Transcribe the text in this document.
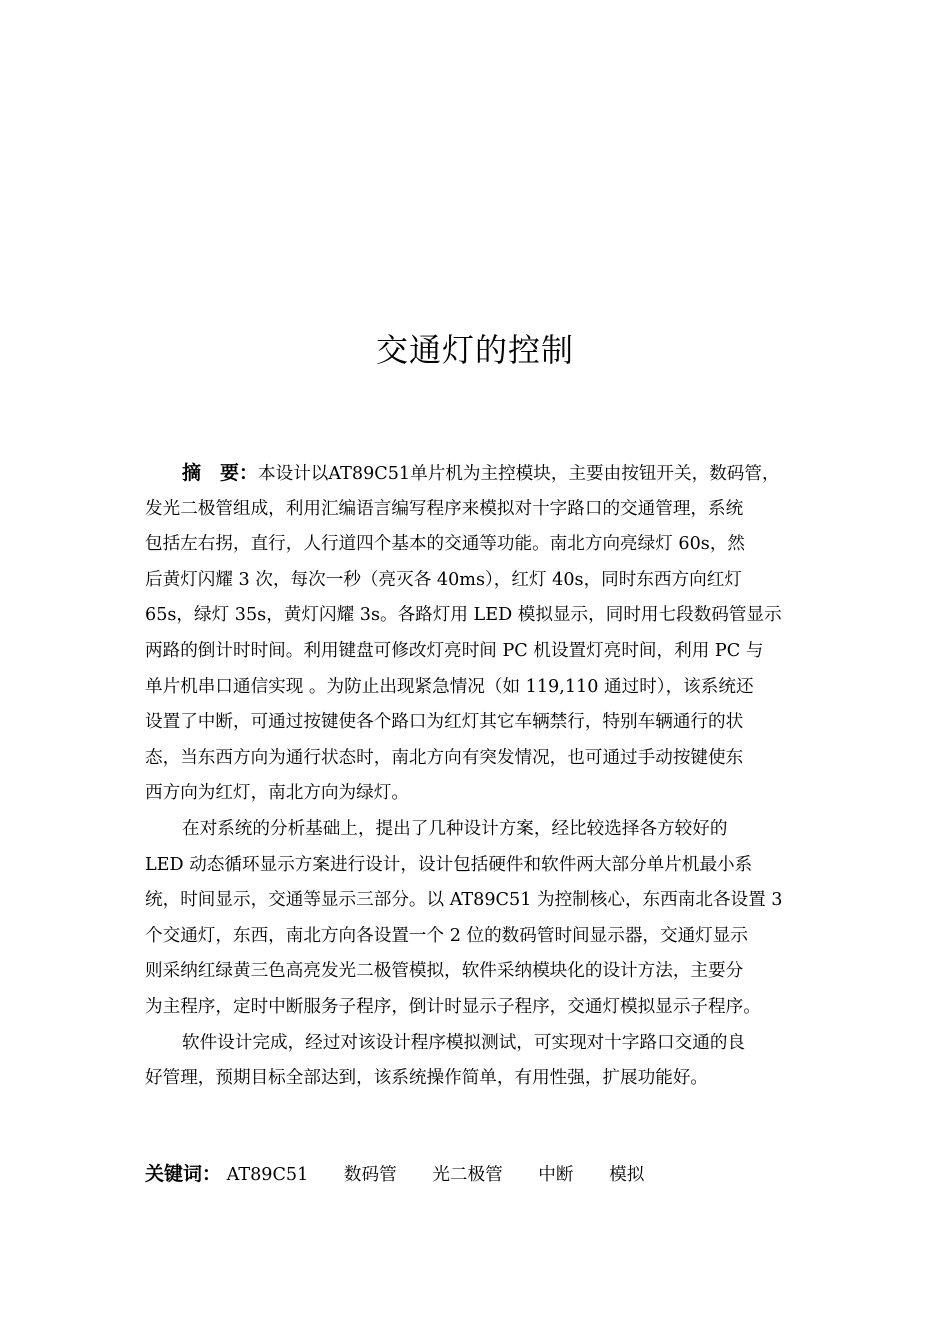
交通灯的控制
摘　要：本设计以AT89C51单片机为主控模块，主要由按钮开关，数码管，
发光二极管组成，利用汇编语言编写程序来模拟对十字路口的交通管理，系统
包括左右拐，直行，人行道四个基本的交通等功能。南北方向亮绿灯 60s，然
后黄灯闪耀 3 次，每次一秒（亮灭各 40ms），红灯 40s，同时东西方向红灯
65s，绿灯 35s，黄灯闪耀 3s。各路灯用 LED 模拟显示，同时用七段数码管显示
两路的倒计时时间。利用键盘可修改灯亮时间 PC 机设置灯亮时间，利用 PC 与
单片机串口通信实现 。为防止出现紧急情况（如 119,110 通过时），该系统还
设置了中断，可通过按键使各个路口为红灯其它车辆禁行，特别车辆通行的状
态，当东西方向为通行状态时，南北方向有突发情况，也可通过手动按键使东
西方向为红灯，南北方向为绿灯。
在对系统的分析基础上，提出了几种设计方案，经比较选择各方较好的
LED 动态循环显示方案进行设计，设计包括硬件和软件两大部分单片机最小系
统，时间显示，交通等显示三部分。以 AT89C51 为控制核心，东西南北各设置 3
个交通灯，东西，南北方向各设置一个 2 位的数码管时间显示器，交通灯显示
则采纳红绿黄三色高亮发光二极管模拟，软件采纳模块化的设计方法，主要分
为主程序，定时中断服务子程序，倒计时显示子程序，交通灯模拟显示子程序。
软件设计完成，经过对该设计程序模拟测试，可实现对十字路口交通的良
好管理，预期目标全部达到，该系统操作简单，有用性强，扩展功能好。
关键词： AT89C51 数码管 光二极管 中断 模拟
